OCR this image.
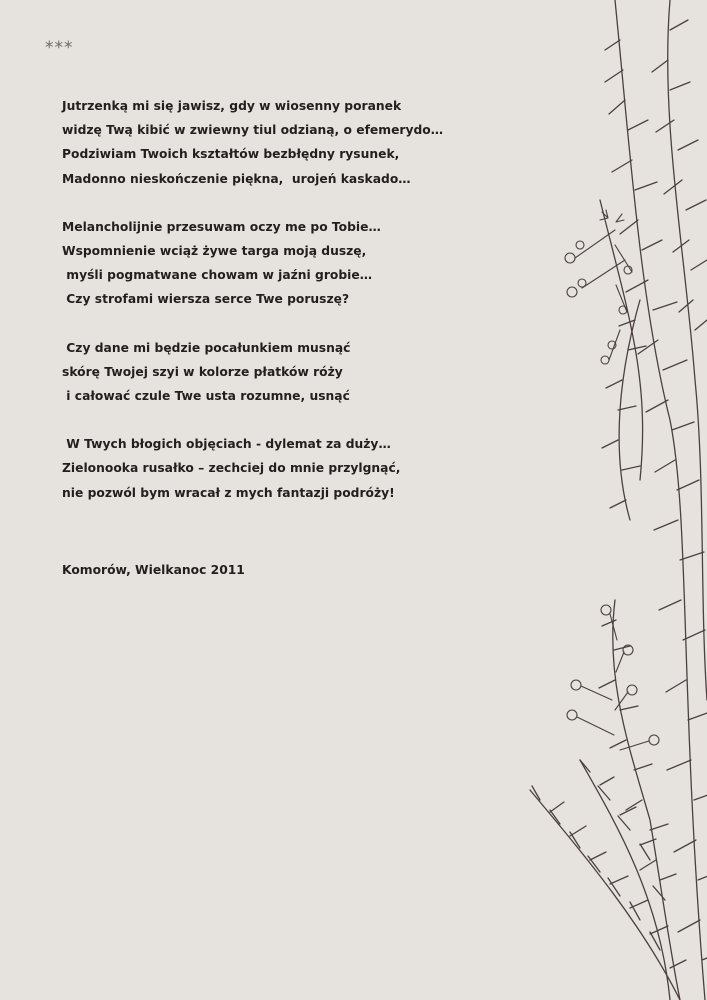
***
Jutrzenką mi się jawisz, gdy w wiosenny poranek
widzę Twą kibić w zwiewny tiul odzianą, o efemerydo…
Podziwiam Twoich kształtów bezbłędny rysunek,
Madonno nieskończenie piękna,  urojeń kaskado…
Melancholijnie przesuwam oczy me po Tobie…
Wspomnienie wciąż żywe targa moją duszę,
myśli pogmatwane chowam w jaźni grobie…
Czy strofami wiersza serce Twe poruszę?
Czy dane mi będzie pocałunkiem musnąć
skórę Twojej szyi w kolorze płatków róży
i całować czule Twe usta rozumne, usnąć
W Twych błogich objęciach - dylemat za duży…
Zielonooka rusałko – zechciej do mnie przylgnąć,
nie pozwól bym wracał z mych fantazji podróży!
Komorów, Wielkanoc 2011
